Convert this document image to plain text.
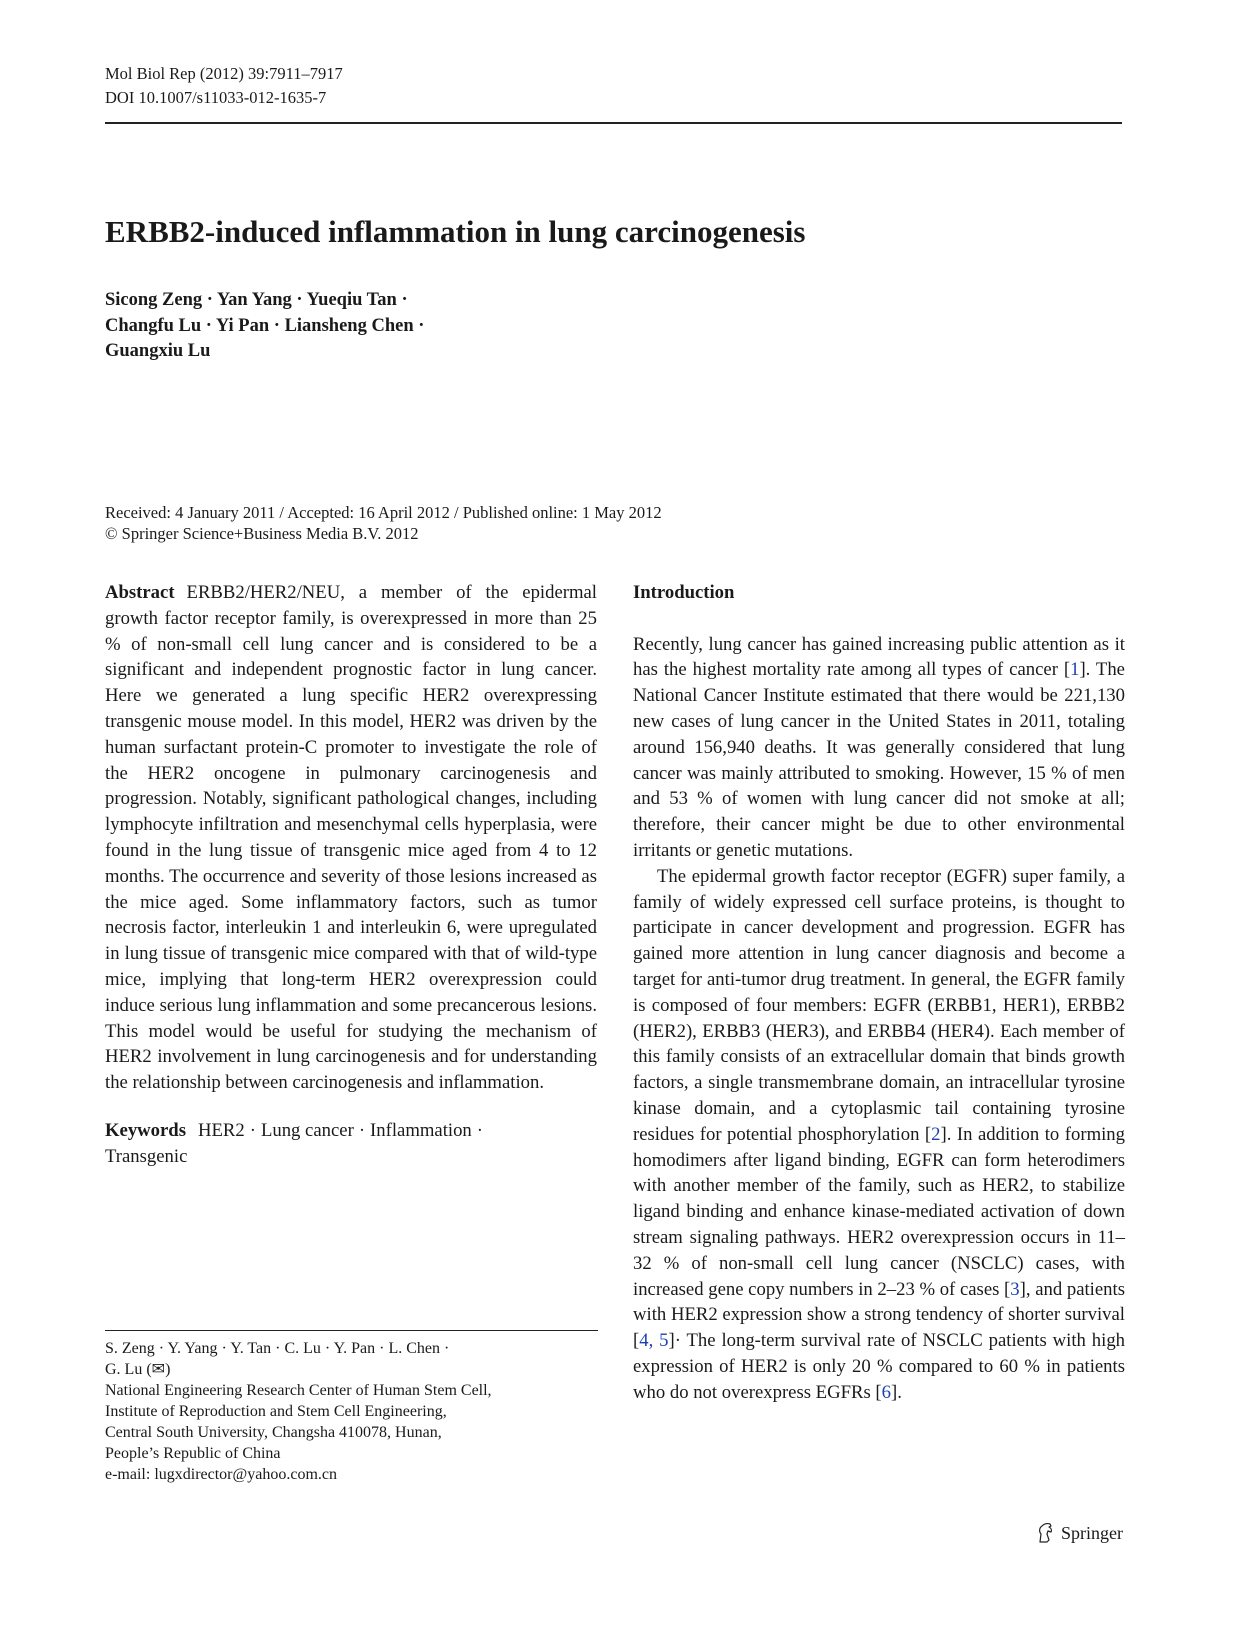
Mol Biol Rep (2012) 39:7911–7917
DOI 10.1007/s11033-012-1635-7
ERBB2-induced inflammation in lung carcinogenesis
Sicong Zeng · Yan Yang · Yueqiu Tan ·
Changfu Lu · Yi Pan · Liansheng Chen ·
Guangxiu Lu
Received: 4 January 2011 / Accepted: 16 April 2012 / Published online: 1 May 2012
© Springer Science+Business Media B.V. 2012

Abstract ERBB2/HER2/NEU, a member of the epidermal growth factor receptor family, is overexpressed in more than 25 % of non-small cell lung cancer and is considered to be a significant and independent prognostic factor in lung cancer. Here we generated a lung specific HER2 overexpressing transgenic mouse model. In this model, HER2 was driven by the human surfactant protein-C promoter to investigate the role of the HER2 oncogene in pulmonary carcinogenesis and progression. Notably, significant pathological changes, including lymphocyte infiltration and mesenchymal cells hyperplasia, were found in the lung tissue of transgenic mice aged from 4 to 12 months. The occurrence and severity of those lesions increased as the mice aged. Some inflammatory factors, such as tumor necrosis factor, interleukin 1 and interleukin 6, were upregulated in lung tissue of transgenic mice compared with that of wild-type mice, implying that long-term HER2 overexpression could induce serious lung inflammation and some precancerous lesions. This model would be useful for studying the mechanism of HER2 involvement in lung carcinogenesis and for understanding the relationship between carcinogenesis and inflammation.

Keywords HER2 · Lung cancer · Inflammation ·
Transgenic

S. Zeng · Y. Yang · Y. Tan · C. Lu · Y. Pan · L. Chen ·
G. Lu (✉)
National Engineering Research Center of Human Stem Cell,
Institute of Reproduction and Stem Cell Engineering,
Central South University, Changsha 410078, Hunan,
People’s Republic of China
e-mail: lugxdirector@yahoo.com.cn
Introduction

Recently, lung cancer has gained increasing public attention as it has the highest mortality rate among all types of cancer [1]. The National Cancer Institute estimated that there would be 221,130 new cases of lung cancer in the United States in 2011, totaling around 156,940 deaths. It was generally considered that lung cancer was mainly attributed to smoking. However, 15 % of men and 53 % of women with lung cancer did not smoke at all; therefore, their cancer might be due to other environmental irritants or genetic mutations.

The epidermal growth factor receptor (EGFR) super family, a family of widely expressed cell surface proteins, is thought to participate in cancer development and progression. EGFR has gained more attention in lung cancer diagnosis and become a target for anti-tumor drug treatment. In general, the EGFR family is composed of four members: EGFR (ERBB1, HER1), ERBB2 (HER2), ERBB3 (HER3), and ERBB4 (HER4). Each member of this family consists of an extracellular domain that binds growth factors, a single transmembrane domain, an intracellular tyrosine kinase domain, and a cytoplasmic tail containing tyrosine residues for potential phosphorylation [2]. In addition to forming homodimers after ligand binding, EGFR can form heterodimers with another member of the family, such as HER2, to stabilize ligand binding and enhance kinase-mediated activation of down stream signaling pathways. HER2 overexpression occurs in 11–32 % of non-small cell lung cancer (NSCLC) cases, with increased gene copy numbers in 2–23 % of cases [3], and patients with HER2 expression show a strong tendency of shorter survival [4, 5]· The long-term survival rate of NSCLC patients with high expression of HER2 is only 20 % compared to 60 % in patients who do not overexpress EGFRs [6].

Springer
